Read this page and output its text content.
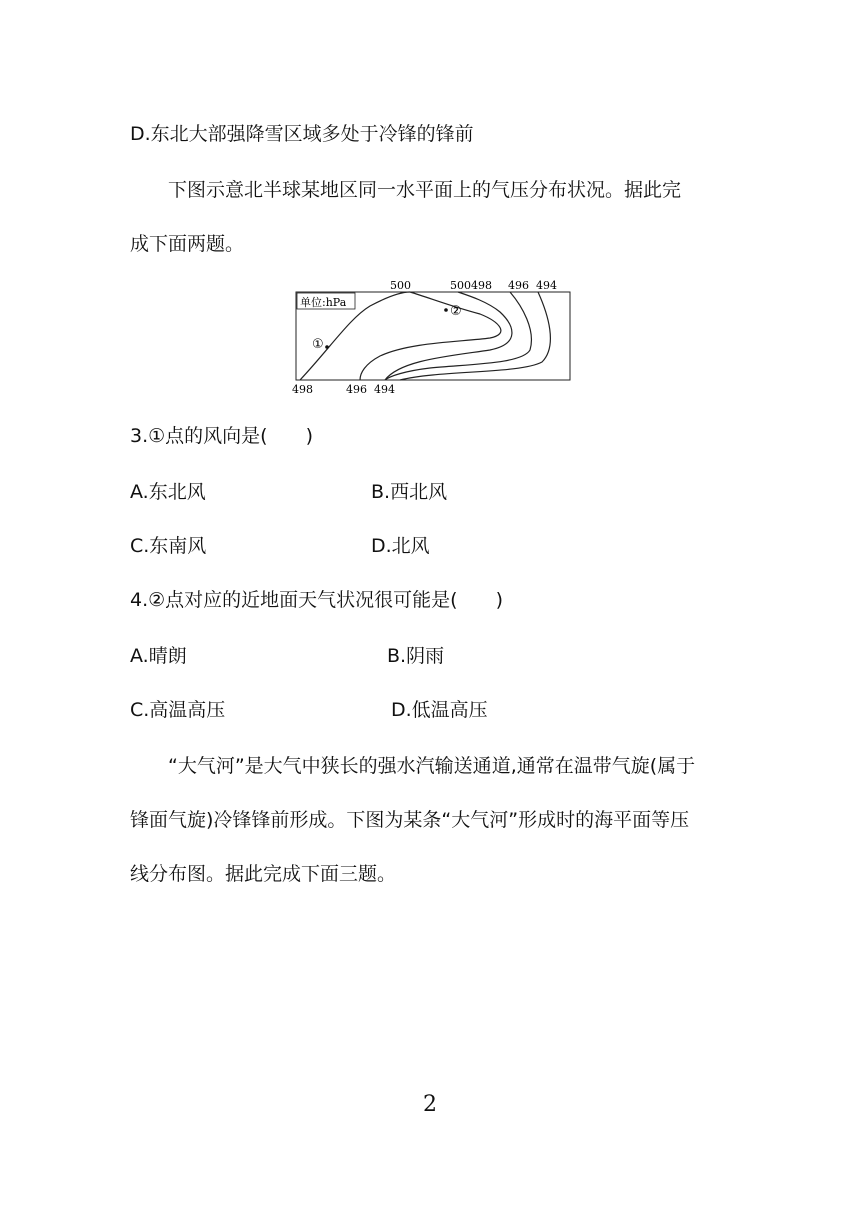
D.东北大部强降雪区域多处于冷锋的锋前
下图示意北半球某地区同一水平面上的气压分布状况。据此完
成下面两题。
单位:hPa
①
②
500	500 498 496 494
498	496 494
3.①点的风向是(　　)
A.东北风	B.西北风
C.东南风	D.北风
4.②点对应的近地面天气状况很可能是(　　)
A.晴朗	B.阴雨
C.高温高压	D.低温高压
“大气河”是大气中狭长的强水汽输送通道,通常在温带气旋(属于
锋面气旋)冷锋锋前形成。下图为某条“大气河”形成时的海平面等压
线分布图。据此完成下面三题。
2
